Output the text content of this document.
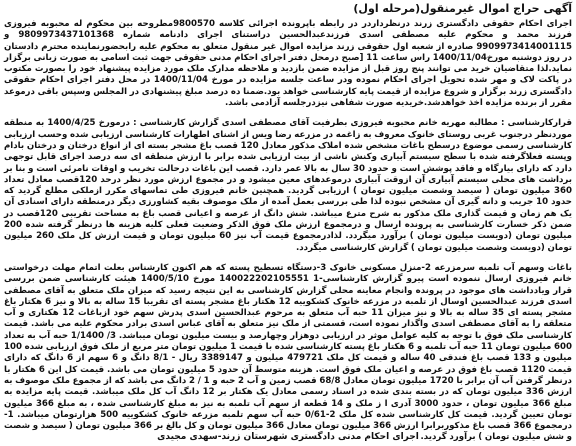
آگهی حراج اموال غیرمنقول(مرحله اول)

اجرای احکام حقوقی دادگستری زرند درنظرداردر در رابطه باپرونده اجرائی کلاسه 9800570مطروحه بین محکوم له محبوبه فیروزی فرزند محمد و محکوم علیه مصطفی اسدی فرزندعبدالحسین دراستنای اجرای دادنامه شماره 9809973437101368 و 9909973414001115 صادره از شعبه اول حقوقی زرند مزایده اموال غیر منقول متعلق به محکوم علیه رابحضورنماینده محترم دادستان در روز دوشنبه مورخ1400/11/04 راس ساعت 11 [صبح درمحل دفتر اجرای احکام مدنی حقوقی جهت ثبت اسامی به صورت زبانی برگزار نماید.لذا متقاضیان خرید می توانند پنج روز قبل از مزایده ضمن بازدید و ملاحظه مدارک ملک مورد مزایده پیشنهاد خود را بصورت مکتوب در پاکت لاک و مهر شده تحویل اجرای احکام نموده ودر ساعت جلسه مزایده در مورخ 1400/11/04 در محل دفتر اجرای احکام حقوقی دادگستری زرند برگزار و شروع مزایده از قیمت پایه کارشناسی خواهد بود.ضمنا ده درصد مبلغ پیشنهادی در المجلس وسپس باقی درموعد مقرر از برنده مزایده اخذ خواهدشد.خریدیه صورت شفاهی نیزدرجلسه آزادمی باشد.

قرارکارشناسی : مطالبه مهریه خانم محبوبه فیروزی بطرفیت آقای مصطفی اسدی گزارش کارشناسی : درمورخ 1400/4/25 به منطقه موردنظر درجنوب غربی روستای خانوک معروف به زاغمه در مزرعه رضا ویس از اشنای اطهارات کارشناسی ارزیابی شده وحسب ارزیابی کارشناسی رسمی موضوع درسطح باغات مشخص شده املاک مذکور معادل 120 قصب باغ مشجر بسته ای از انواع درختان و درختان بادام وپسته فعلاگرفته شده با سطح سیستم آبیاری وکنش ناشی از بیت ارزیابی شده برابر با ارزش منطقه ای سه درصد اجرای قابل توجهی دارد که دارای بیارگاه و فاقد پوشش است و حدود 30 سال به بالا عمر دارد. قصب این باغات درحالت تخریب و اوقات نامرئی است و بنا بر برداشت های محلی سیستم آبیاری آن ازوقت آبیاری درموعدهای معین میشود و در مجموع ارزش مورد نظر درحد 120قصب معادل تعداد 360 میلیون تومان ( سیصد وشصت میلیون تومان ) ارزیابی گردید. همچنین خانم فیروزی طی تماسهای مکرر ازملکی مطلع گردید که حدود 10 جریب و دانه گیری آن مشخص نبوده لذا طی بررسی بعمل آمده از ملک موصوف بقیه کشاورزی دیگر درمنطقه دارای اسنادی آن یک هم زمان و قیمت گذاری ملک مذکور به شرح مترع میباشد. شش دانگ از عرصه و اعیانی قصب باغ به مساحت تقریبی 120قصب در ضمن ذکر خسارت کارشناسی به پرونده ارسال و درمجموع ارزش ملک فوق الذکر وضعیت فعلی کلیه هزینه ها درنظر گرفته شده 200 میلیون تومان (دویست میلیون تومان ) برآورد میگردد. لذادرمجموع قیمت آب نیز 60 میلیون تومان و قیمت ارزش کل ملک 260 میلیون تومان (دویست وشصت میلیون تومان ) گزارش کارشناسی میگردد.

باغات وسهم آب تلمبه سرمزرعه 2-منزل مسکونی خانوک 3-دستگاه تسطیح پسته که هم اکنون کارشناس بعلت اتمام مهلت درخواستی خانم فیروزی ارسال ننموده است پیرو گزارش کارشناسی-1 140022202105551 مورخ 1400/5/10 هیئت کارشناسی ضمن بررسی قرار ویادداشت های موجود در پرونده وانجام معاینه محلی گزارش کارشناسی به این نتیجه رسید که میزان ملک متعلق به آقای مصطفی اسدی فرزند عبدالحسین اوسال از تلمبه در مزرعه خانوک کشکوییه 12 هکتار باغ مشجر پسته ای تقریبا 15 ساله به بالا و نیز 6 هکتار باغ مشجر پسته ای 35 ساله به بالا و نیز میزان 11 حبه آب متعلق به مرحوم عبدالحسین اسدی پدرش سهم خود ازباغات 12 هکتاری و آب متعلقه را به آقای مصطفی اسدی واگذار نموده است، قسمتی از ملک نیز متعلق به آقای عباس اسدی برادر محکوم علیه می باشد. قیمت کارشناسی ملک فوق با توجه به کلیه عوامل موثر در ارزیابی دوهزار وچهارصد و بیست میلیون تومان میباشد. 3/ 1/1400 حبه آب به تعداد 600 میلیون تومان 11 حبه آب تلمبه و 6 هکتار باغ پسته کارشناسی شده با قیمت 1 میلیون تومان متر مربع از ملک فوق ارزیابی شده 100 میلیون و 133 قصب باغ فندقی 40 ساله و قیمت کل ملک 479721 میلیون و 3389147 ریال - 8/1 دانگ و 6 سهم از 6 دانگ که دارای قیمت 1120 قصب باغ فوق در عرصه و اعیان ملک فوق است. هزینه متوسط آن حدود 5 میلیون تومان می باشد. قیمت کل این 6 هکتار با درنظر گرفتن آب آن برابر با 1720 میلیون تومان معادل 68/8 قصب زمین و آب 2 حبه و 1 / 2 دانگ می باشد که از مجموع ملک موصوف به ارزش 336 میلیون تومان که در بسته بندی شده در اسناد رسمی معادل یک هکتار بر 12 دانگ آب کل ملک میباشد. قیمت پایه مزایده به مبلغ 366 میلیون تومان ، حدود 3000 آدری ا ز ملک و 14 قطعه از سهم آب تلمبه به نیز به مبلغ کارشناسی شده ، به مبلغ 366 میلیون تومان تعیین گردید. قیمت کل کارشناسی شده کل ملک 2-0/61 حبه آب سهم تلمبه مزرعه خانوک کشکوییه 500 هزارتومان میباشد. 1-درمجموع 366 قصب باغ مذکوربرابرا ارزش 366 میلیون تومان معادل 366 میلیون تومان و کل بالغ بر 366 میلیون تومان ( سیصد و شصت و شش میلیون تومان ) برآورد گردید.

اجرای احکام مدنی دادگستری شهرستان زرند-سهدی مجیدی
